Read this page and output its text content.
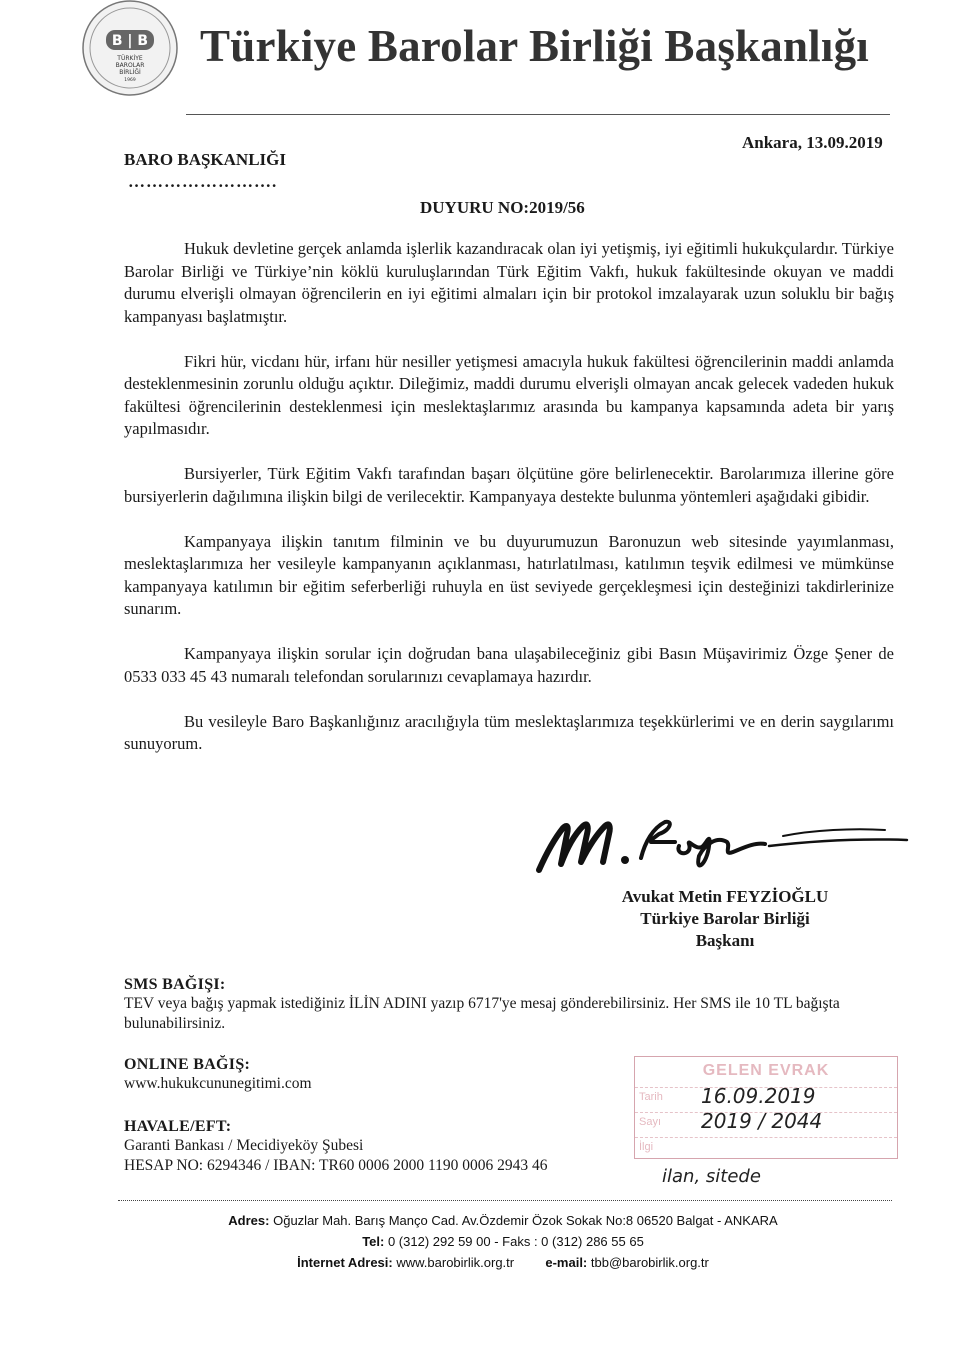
B | B
TÜRKİYE
BAROLAR
BİRLİĞİ
1969
Türkiye Barolar Birliği Başkanlığı
Ankara, 13.09.2019
BARO BAŞKANLIĞI
…………………….
DUYURU NO:2019/56

Hukuk devletine gerçek anlamda işlerlik kazandıracak olan iyi yetişmiş, iyi eğitimli hukukçulardır. Türkiye Barolar Birliği ve Türkiye’nin köklü kuruluşlarından Türk Eğitim Vakfı, hukuk fakültesinde okuyan ve maddi durumu elverişli olmayan öğrencilerin en iyi eğitimi almaları için bir protokol imzalayarak uzun soluklu bir bağış kampanyası başlatmıştır.

Fikri hür, vicdanı hür, irfanı hür nesiller yetişmesi amacıyla hukuk fakültesi öğrencilerinin maddi anlamda desteklenmesinin zorunlu olduğu açıktır. Dileğimiz, maddi durumu elverişli olmayan ancak gelecek vadeden hukuk fakültesi öğrencilerinin desteklenmesi için meslektaşlarımız arasında bu kampanya kapsamında adeta bir yarış yapılmasıdır.

Bursiyerler, Türk Eğitim Vakfı tarafından başarı ölçütüne göre belirlenecektir. Barolarımıza illerine göre bursiyerlerin dağılımına ilişkin bilgi de verilecektir. Kampanyaya destekte bulunma yöntemleri aşağıdaki gibidir.

Kampanyaya ilişkin tanıtım filminin ve bu duyurumuzun Baronuzun web sitesinde yayımlanması, meslektaşlarımıza her vesileyle kampanyanın açıklanması, hatırlatılması, katılımın teşvik edilmesi ve mümkünse kampanyaya katılımın bir eğitim seferberliği ruhuyla en üst seviyede gerçekleşmesi için desteğinizi takdirlerinize sunarım.

Kampanyaya ilişkin sorular için doğrudan bana ulaşabileceğiniz gibi Basın Müşavirimiz Özge Şener de 0533 033 45 43 numaralı telefondan sorularınızı cevaplamaya hazırdır.

Bu vesileyle Baro Başkanlığınız aracılığıyla tüm meslektaşlarımıza teşekkürlerimi ve en derin saygılarımı sunuyorum.

Avukat Metin FEYZİOĞLU
Türkiye Barolar Birliği
Başkanı
SMS BAĞIŞI:
TEV veya bağış yapmak istediğiniz İLİN ADINI yazıp 6717'ye mesaj gönderebilirsiniz. Her SMS ile 10 TL bağışta bulunabilirsiniz.
ONLINE BAĞIŞ:
www.hukukcununegitimi.com
HAVALE/EFT:
Garanti Bankası / Mecidiyeköy Şubesi
HESAP NO: 6294346 / IBAN: TR60 0006 2000 1190 0006 2943 46
GELEN EVRAK
Tarih 16.09.2019
Sayı 2019 / 2044
İlgi
ilan, sitede
Adres: Oğuzlar Mah. Barış Manço Cad. Av.Özdemir Özok Sokak No:8 06520 Balgat - ANKARA
Tel: 0 (312) 292 59 00 - Faks : 0 (312) 286 55 65
İnternet Adresi: www.barobirlik.org.tr e-mail: tbb@barobirlik.org.tr
